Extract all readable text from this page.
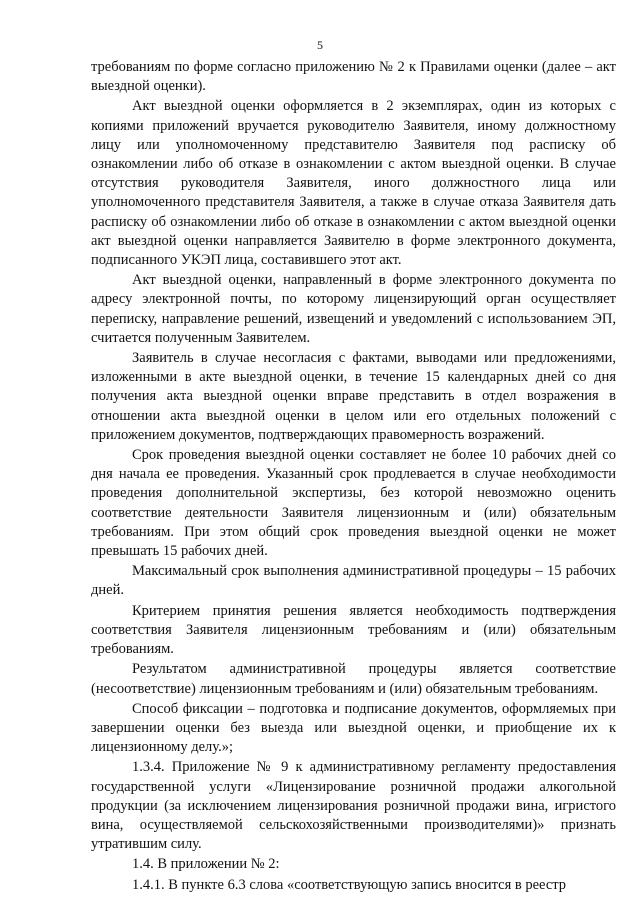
5

требованиям по форме согласно приложению № 2 к Правилами оценки (далее – акт выездной оценки).

Акт выездной оценки оформляется в 2 экземплярах, один из которых с копиями приложений вручается руководителю Заявителя, иному должностному лицу или уполномоченному представителю Заявителя под расписку об ознакомлении либо об отказе в ознакомлении с актом выездной оценки. В случае отсутствия руководителя Заявителя, иного должностного лица или уполномоченного представителя Заявителя, а также в случае отказа Заявителя дать расписку об ознакомлении либо об отказе в ознакомлении с актом выездной оценки акт выездной оценки направляется Заявителю в форме электронного документа, подписанного УКЭП лица, составившего этот акт.

Акт выездной оценки, направленный в форме электронного документа по адресу электронной почты, по которому лицензирующий орган осуществляет переписку, направление решений, извещений и уведомлений с использованием ЭП, считается полученным Заявителем.

Заявитель в случае несогласия с фактами, выводами или предложениями, изложенными в акте выездной оценки, в течение 15 календарных дней со дня получения акта выездной оценки вправе представить в отдел возражения в отношении акта выездной оценки в целом или его отдельных положений с приложением документов, подтверждающих правомерность возражений.

Срок проведения выездной оценки составляет не более 10 рабочих дней со дня начала ее проведения. Указанный срок продлевается в случае необходимости проведения дополнительной экспертизы, без которой невозможно оценить соответствие деятельности Заявителя лицензионным и (или) обязательным требованиям. При этом общий срок проведения выездной оценки не может превышать 15 рабочих дней.

Максимальный срок выполнения административной процедуры – 15 рабочих дней.

Критерием принятия решения является необходимость подтверждения соответствия Заявителя лицензионным требованиям и (или) обязательным требованиям.

Результатом административной процедуры является соответствие (несоответствие) лицензионным требованиям и (или) обязательным требованиям.

Способ фиксации – подготовка и подписание документов, оформляемых при завершении оценки без выезда или выездной оценки, и приобщение их к лицензионному делу.»;

1.3.4. Приложение № 9 к административному регламенту предоставления государственной услуги «Лицензирование розничной продажи алкогольной продукции (за исключением лицензирования розничной продажи вина, игристого вина, осуществляемой сельскохозяйственными производителями)» признать утратившим силу.

1.4. В приложении № 2:

1.4.1. В пункте 6.3 слова «соответствующую запись вносится в реестр
